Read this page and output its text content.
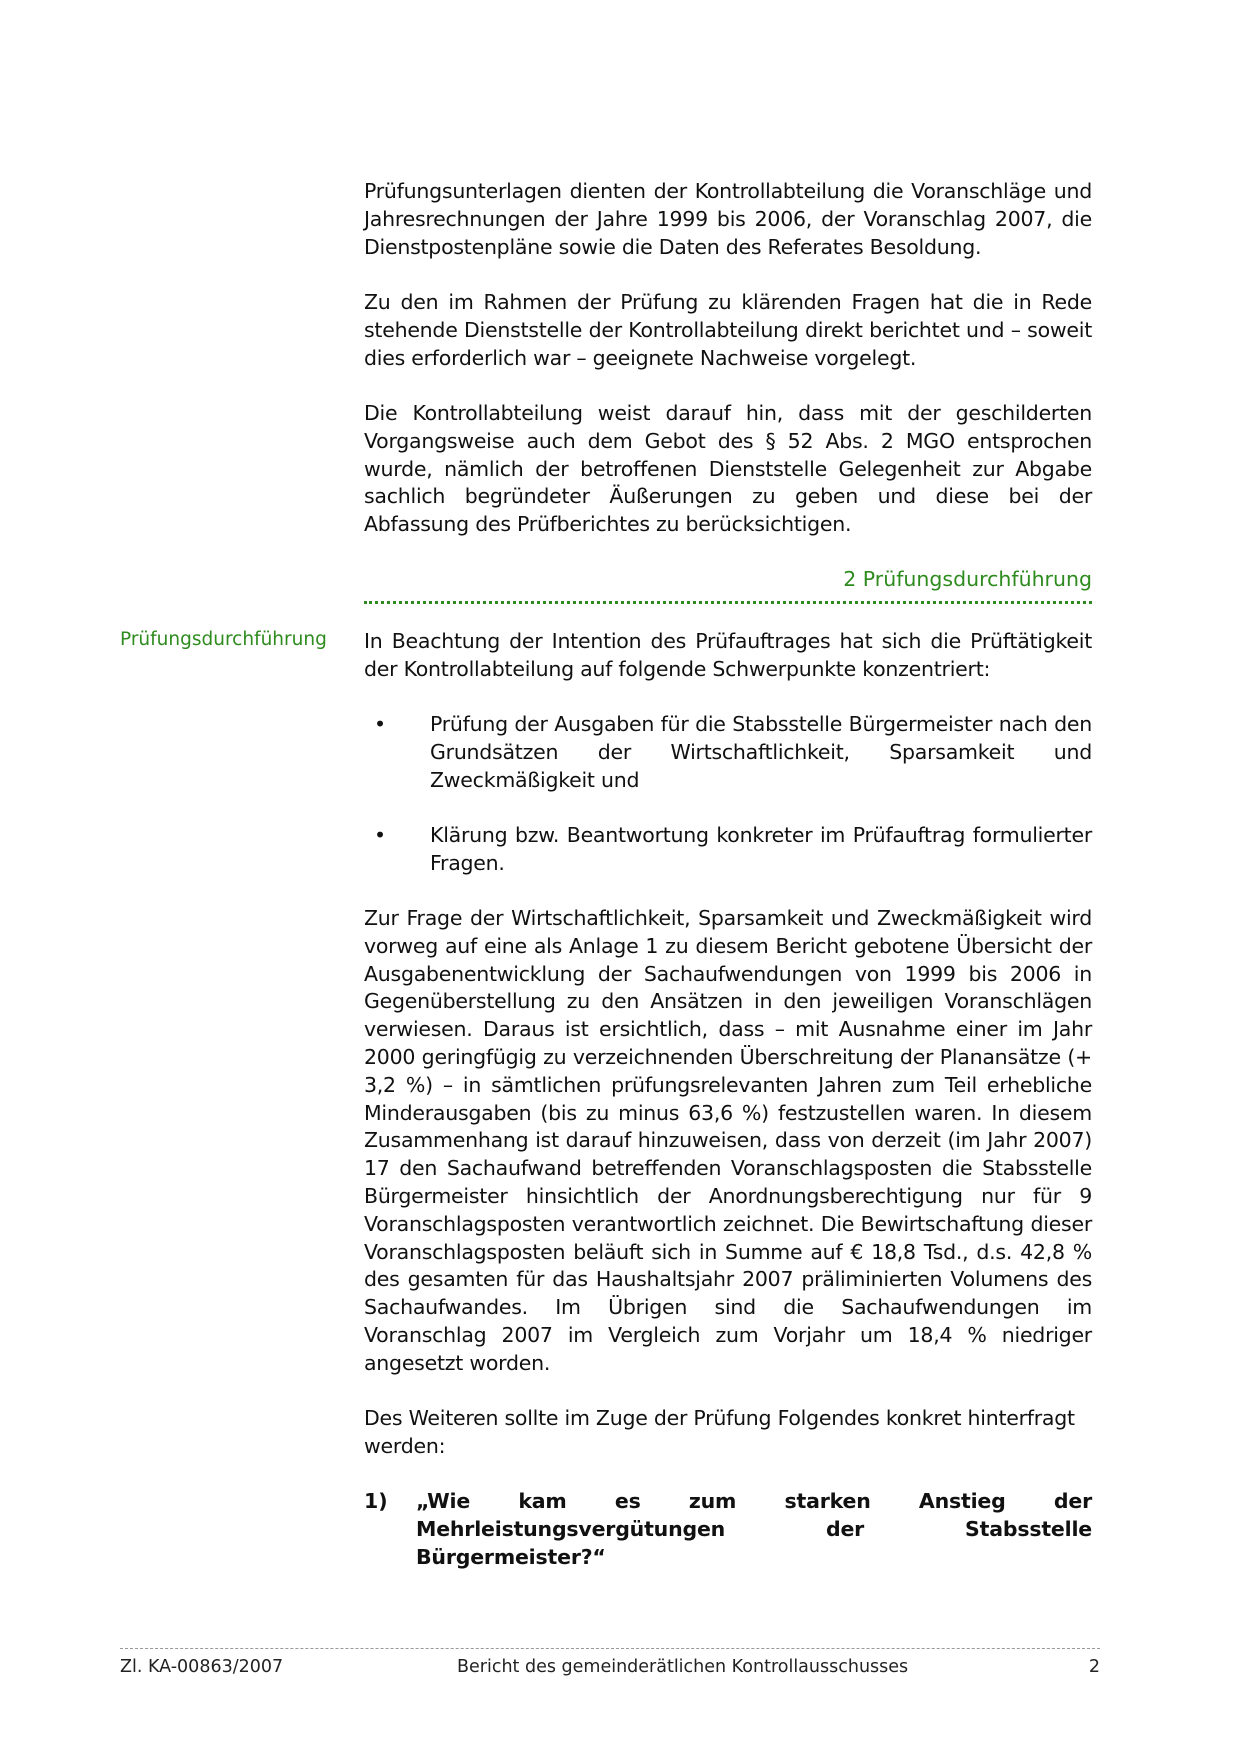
Prüfungsunterlagen dienten der Kontrollabteilung die Voranschläge und Jahresrechnungen der Jahre 1999 bis 2006, der Voranschlag 2007, die Dienstpostenpläne sowie die Daten des Referates Besoldung.

Zu den im Rahmen der Prüfung zu klärenden Fragen hat die in Rede stehende Dienststelle der Kontrollabteilung direkt berichtet und – soweit dies erforderlich war – geeignete Nachweise vorgelegt.

Die Kontrollabteilung weist darauf hin, dass mit der geschilderten Vorgangsweise auch dem Gebot des § 52 Abs. 2 MGO entsprochen wurde, nämlich der betroffenen Dienststelle Gelegenheit zur Abgabe sachlich begründeter Äußerungen zu geben und diese bei der Abfassung des Prüfberichtes zu berücksichtigen.

2 Prüfungsdurchführung
Prüfungsdurchführung In Beachtung der Intention des Prüfauftrages hat sich die Prüftätigkeit der Kontrollabteilung auf folgende Schwerpunkte konzentriert:

• Prüfung der Ausgaben für die Stabsstelle Bürgermeister nach den Grundsätzen der Wirtschaftlichkeit, Sparsamkeit und Zweckmäßigkeit und

• Klärung bzw. Beantwortung konkreter im Prüfauftrag formulierter Fragen.

Zur Frage der Wirtschaftlichkeit, Sparsamkeit und Zweckmäßigkeit wird vorweg auf eine als Anlage 1 zu diesem Bericht gebotene Übersicht der Ausgabenentwicklung der Sachaufwendungen von 1999 bis 2006 in Gegenüberstellung zu den Ansätzen in den jeweiligen Voranschlägen verwiesen. Daraus ist ersichtlich, dass – mit Ausnahme einer im Jahr 2000 geringfügig zu verzeichnenden Überschreitung der Planansätze (+ 3,2 %) – in sämtlichen prüfungsrelevanten Jahren zum Teil erhebliche Minderausgaben (bis zu minus 63,6 %) festzustellen waren. In diesem Zusammenhang ist darauf hinzuweisen, dass von derzeit (im Jahr 2007) 17 den Sachaufwand betreffenden Voranschlagsposten die Stabsstelle Bürgermeister hinsichtlich der Anordnungsberechtigung nur für 9 Voranschlagsposten verantwortlich zeichnet. Die Bewirtschaftung dieser Voranschlagsposten beläuft sich in Summe auf € 18,8 Tsd., d.s. 42,8 % des gesamten für das Haushaltsjahr 2007 präliminierten Volumens des Sachaufwandes. Im Übrigen sind die Sachaufwendungen im Voranschlag 2007 im Vergleich zum Vorjahr um 18,4 % niedriger angesetzt worden.

Des Weiteren sollte im Zuge der Prüfung Folgendes konkret hinterfragt werden:

1) „Wie kam es zum starken Anstieg der Mehrleistungsvergütungen der Stabsstelle Bürgermeister?“

Zl. KA-00863/2007	Bericht des gemeinderätlichen Kontrollausschusses	2
